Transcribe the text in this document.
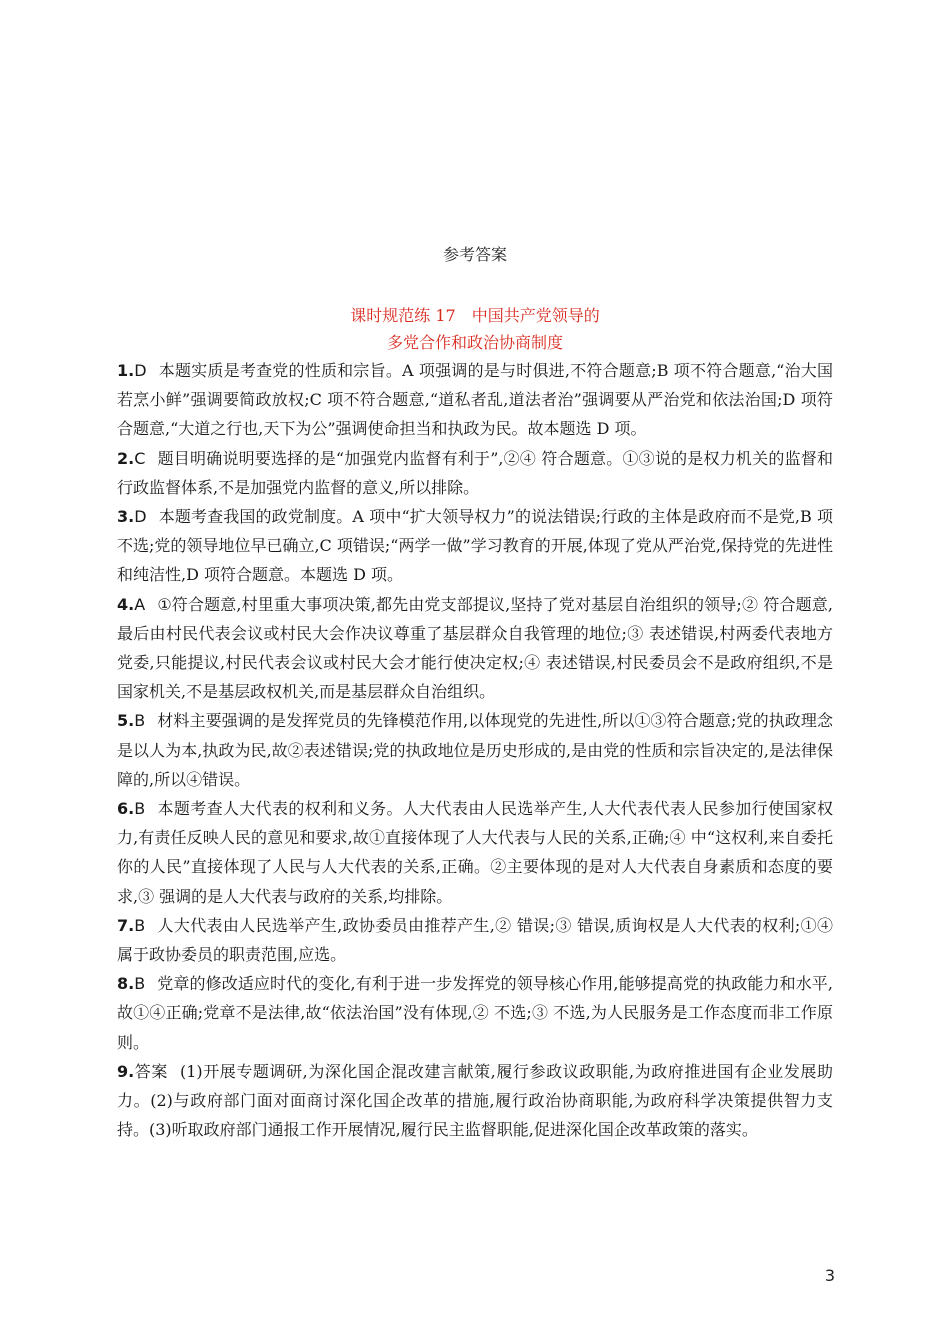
参考答案
课时规范练 17　中国共产党领导的
多党合作和政治协商制度

1.D 本题实质是考查党的性质和宗旨。A 项强调的是与时俱进,不符合题意;B 项不符合题意,“治大国若烹小鲜”强调要简政放权;C 项不符合题意,“道私者乱,道法者治”强调要从严治党和依法治国;D 项符合题意,“大道之行也,天下为公”强调使命担当和执政为民。故本题选 D 项。

2.C 题目明确说明要选择的是“加强党内监督有利于”,②④ 符合题意。①③说的是权力机关的监督和行政监督体系,不是加强党内监督的意义,所以排除。

3.D 本题考查我国的政党制度。A 项中“扩大领导权力”的说法错误;行政的主体是政府而不是党,B 项不选;党的领导地位早已确立,C 项错误;“两学一做”学习教育的开展,体现了党从严治党,保持党的先进性和纯洁性,D 项符合题意。本题选 D 项。

4.A ①符合题意,村里重大事项决策,都先由党支部提议,坚持了党对基层自治组织的领导;② 符合题意,最后由村民代表会议或村民大会作决议尊重了基层群众自我管理的地位;③ 表述错误,村两委代表地方党委,只能提议,村民代表会议或村民大会才能行使决定权;④ 表述错误,村民委员会不是政府组织,不是国家机关,不是基层政权机关,而是基层群众自治组织。

5.B 材料主要强调的是发挥党员的先锋模范作用,以体现党的先进性,所以①③符合题意;党的执政理念是以人为本,执政为民,故②表述错误;党的执政地位是历史形成的,是由党的性质和宗旨决定的,是法律保障的,所以④错误。

6.B 本题考查人大代表的权利和义务。人大代表由人民选举产生,人大代表代表人民参加行使国家权力,有责任反映人民的意见和要求,故①直接体现了人大代表与人民的关系,正确;④ 中“这权利,来自委托你的人民”直接体现了人民与人大代表的关系,正确。②主要体现的是对人大代表自身素质和态度的要求,③ 强调的是人大代表与政府的关系,均排除。

7.B 人大代表由人民选举产生,政协委员由推荐产生,② 错误;③ 错误,质询权是人大代表的权利;①④ 属于政协委员的职责范围,应选。

8.B 党章的修改适应时代的变化,有利于进一步发挥党的领导核心作用,能够提高党的执政能力和水平,故①④正确;党章不是法律,故“依法治国”没有体现,② 不选;③ 不选,为人民服务是工作态度而非工作原则。

9.答案 (1)开展专题调研,为深化国企混改建言献策,履行参政议政职能,为政府推进国有企业发展助力。(2)与政府部门面对面商讨深化国企改革的措施,履行政治协商职能,为政府科学决策提供智力支持。(3)听取政府部门通报工作开展情况,履行民主监督职能,促进深化国企改革政策的落实。

3
